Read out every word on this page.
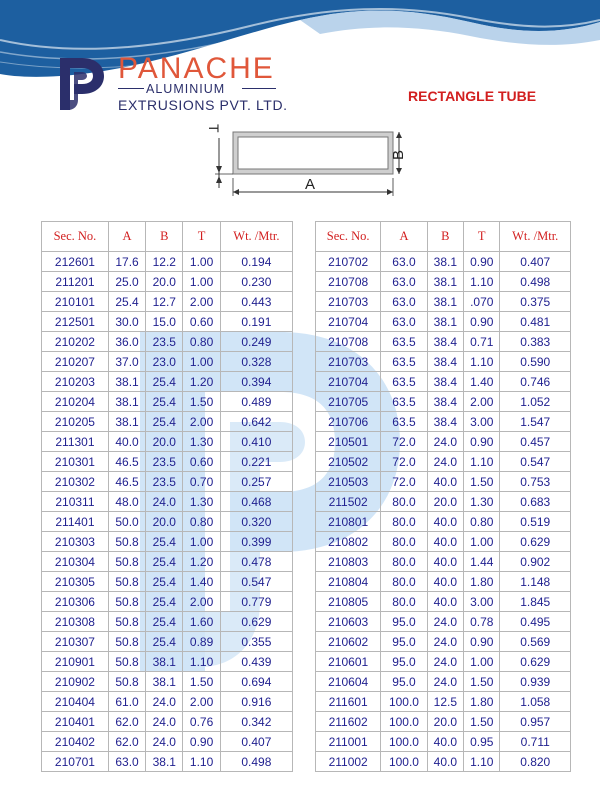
PANACHE
ALUMINIUM
EXTRUSIONS PVT. LTD.
RECTANGLE TUBE
T
B
A
Sec. No.	A	B	T	Wt. /Mtr.
212601	17.6	12.2	1.00	0.194
211201	25.0	20.0	1.00	0.230
210101	25.4	12.7	2.00	0.443
212501	30.0	15.0	0.60	0.191
210202	36.0	23.5	0.80	0.249
210207	37.0	23.0	1.00	0.328
210203	38.1	25.4	1.20	0.394
210204	38.1	25.4	1.50	0.489
210205	38.1	25.4	2.00	0.642
211301	40.0	20.0	1.30	0.410
210301	46.5	23.5	0.60	0.221
210302	46.5	23.5	0.70	0.257
210311	48.0	24.0	1.30	0.468
211401	50.0	20.0	0.80	0.320
210303	50.8	25.4	1.00	0.399
210304	50.8	25.4	1.20	0.478
210305	50.8	25.4	1.40	0.547
210306	50.8	25.4	2.00	0.779
210308	50.8	25.4	1.60	0.629
210307	50.8	25.4	0.89	0.355
210901	50.8	38.1	1.10	0.439
210902	50.8	38.1	1.50	0.694
210404	61.0	24.0	2.00	0.916
210401	62.0	24.0	0.76	0.342
210402	62.0	24.0	0.90	0.407
210701	63.0	38.1	1.10	0.498
Sec. No.	A	B	T	Wt. /Mtr.
210702	63.0	38.1	0.90	0.407
210708	63.0	38.1	1.10	0.498
210703	63.0	38.1	.070	0.375
210704	63.0	38.1	0.90	0.481
210708	63.5	38.4	0.71	0.383
210703	63.5	38.4	1.10	0.590
210704	63.5	38.4	1.40	0.746
210705	63.5	38.4	2.00	1.052
210706	63.5	38.4	3.00	1.547
210501	72.0	24.0	0.90	0.457
210502	72.0	24.0	1.10	0.547
210503	72.0	40.0	1.50	0.753
211502	80.0	20.0	1.30	0.683
210801	80.0	40.0	0.80	0.519
210802	80.0	40.0	1.00	0.629
210803	80.0	40.0	1.44	0.902
210804	80.0	40.0	1.80	1.148
210805	80.0	40.0	3.00	1.845
210603	95.0	24.0	0.78	0.495
210602	95.0	24.0	0.90	0.569
210601	95.0	24.0	1.00	0.629
210604	95.0	24.0	1.50	0.939
211601	100.0	12.5	1.80	1.058
211602	100.0	20.0	1.50	0.957
211001	100.0	40.0	0.95	0.711
211002	100.0	40.0	1.10	0.820
